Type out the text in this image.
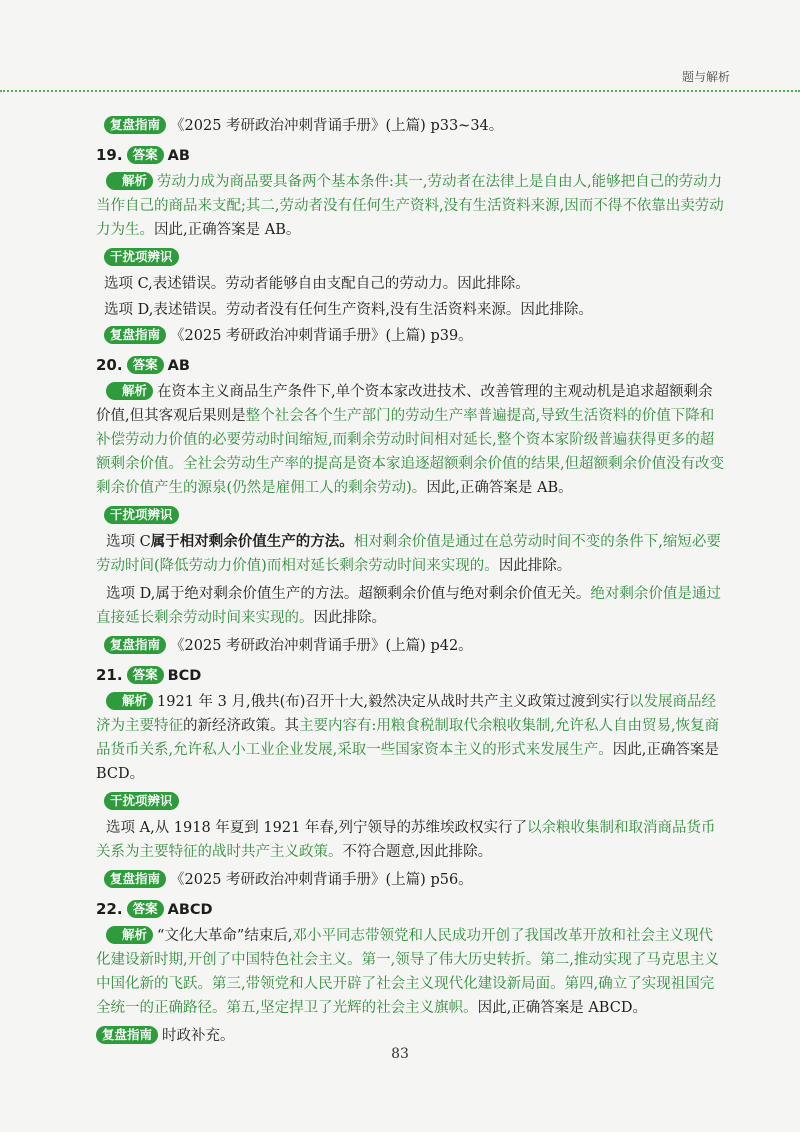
题与解析
复盘指南 《2025 考研政治冲刺背诵手册》(上篇) p33~34。
19. 答案 AB
解析 劳动力成为商品要具备两个基本条件:其一,劳动者在法律上是自由人,能够把自己的劳动力当作自己的商品来支配;其二,劳动者没有任何生产资料,没有生活资料来源,因而不得不依靠出卖劳动力为生。因此,正确答案是 AB。
干扰项辨识
选项 C,表述错误。劳动者能够自由支配自己的劳动力。因此排除。
选项 D,表述错误。劳动者没有任何生产资料,没有生活资料来源。因此排除。
复盘指南 《2025 考研政治冲刺背诵手册》(上篇) p39。
20. 答案 AB
解析 在资本主义商品生产条件下,单个资本家改进技术、改善管理的主观动机是追求超额剩余价值,但其客观后果则是整个社会各个生产部门的劳动生产率普遍提高,导致生活资料的价值下降和补偿劳动力价值的必要劳动时间缩短,而剩余劳动时间相对延长,整个资本家阶级普遍获得更多的超额剩余价值。全社会劳动生产率的提高是资本家追逐超额剩余价值的结果,但超额剩余价值没有改变剩余价值产生的源泉(仍然是雇佣工人的剩余劳动)。因此,正确答案是 AB。
干扰项辨识
选项 C属于相对剩余价值生产的方法。相对剩余价值是通过在总劳动时间不变的条件下,缩短必要劳动时间(降低劳动力价值)而相对延长剩余劳动时间来实现的。因此排除。
选项 D,属于绝对剩余价值生产的方法。超额剩余价值与绝对剩余价值无关。绝对剩余价值是通过直接延长剩余劳动时间来实现的。因此排除。
复盘指南 《2025 考研政治冲刺背诵手册》(上篇) p42。
21. 答案 BCD
解析 1921 年 3 月,俄共(布)召开十大,毅然决定从战时共产主义政策过渡到实行以发展商品经济为主要特征的新经济政策。其主要内容有:用粮食税制取代余粮收集制,允许私人自由贸易,恢复商品货币关系,允许私人小工业企业发展,采取一些国家资本主义的形式来发展生产。因此,正确答案是 BCD。
干扰项辨识
选项 A,从 1918 年夏到 1921 年春,列宁领导的苏维埃政权实行了以余粮收集制和取消商品货币关系为主要特征的战时共产主义政策。不符合题意,因此排除。
复盘指南 《2025 考研政治冲刺背诵手册》(上篇) p56。
22. 答案 ABCD
解析 “文化大革命”结束后,邓小平同志带领党和人民成功开创了我国改革开放和社会主义现代化建设新时期,开创了中国特色社会主义。第一,领导了伟大历史转折。第二,推动实现了马克思主义中国化新的飞跃。第三,带领党和人民开辟了社会主义现代化建设新局面。第四,确立了实现祖国完全统一的正确路径。第五,坚定捍卫了光辉的社会主义旗帜。因此,正确答案是 ABCD。
复盘指南 时政补充。
83
